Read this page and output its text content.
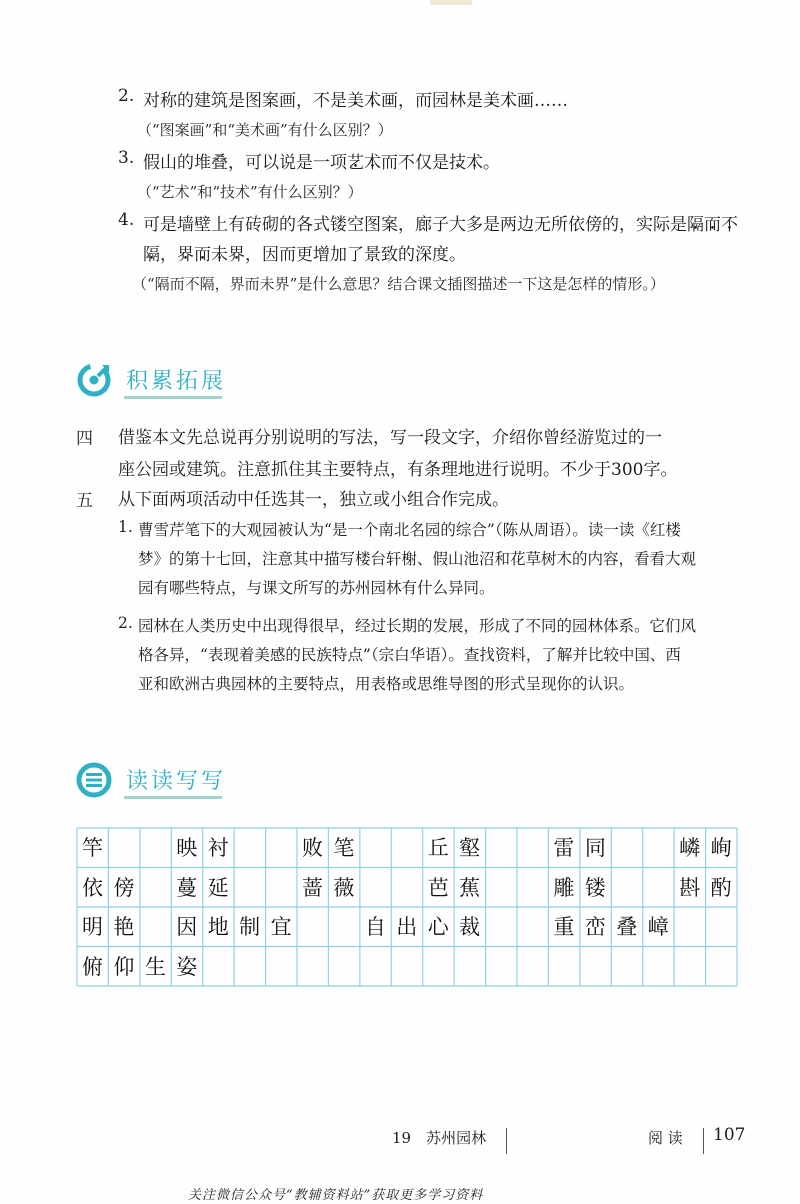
2. 对称的建筑是图案画，不是美术画，而园林是美术画……
（“图案画”和“美术画”有什么区别？）
3. 假山的堆叠，可以说是一项艺术而不仅是技术。
（“艺术”和“技术”有什么区别？）
4. 可是墙壁上有砖砌的各式镂空图案，廊子大多是两边无所依傍的，实际是隔而不
隔，界而未界，因而更增加了景致的深度。
（“隔而不隔，界而未界”是什么意思？结合课文插图描述一下这是怎样的情形。）
积累拓展
四 借鉴本文先总说再分别说明的写法，写一段文字，介绍你曾经游览过的一
座公园或建筑。注意抓住其主要特点，有条理地进行说明。不少于300字。
五 从下面两项活动中任选其一，独立或小组合作完成。
1. 曹雪芹笔下的大观园被认为“是一个南北名园的综合”（陈从周语）。读一读《红楼
梦》的第十七回，注意其中描写楼台轩榭、假山池沼和花草树木的内容，看看大观
园有哪些特点，与课文所写的苏州园林有什么异同。
2. 园林在人类历史中出现得很早，经过长期的发展，形成了不同的园林体系。它们风
格各异，“表现着美感的民族特点”（宗白华语）。查找资料，了解并比较中国、西
亚和欧洲古典园林的主要特点，用表格或思维导图的形式呈现你的认识。
读读写写
竿	映 衬	败 笔	丘 壑	雷 同	嶙 峋
依 傍	蔓 延	蔷 薇	芭 蕉	雕 镂	斟 酌
明 艳	因 地 制 宜	自 出 心 裁	重 峦 叠 嶂
俯 仰 生 姿
19　苏州园林	阅 读 107
关注微信公众号“教辅资料站”获取更多学习资料
